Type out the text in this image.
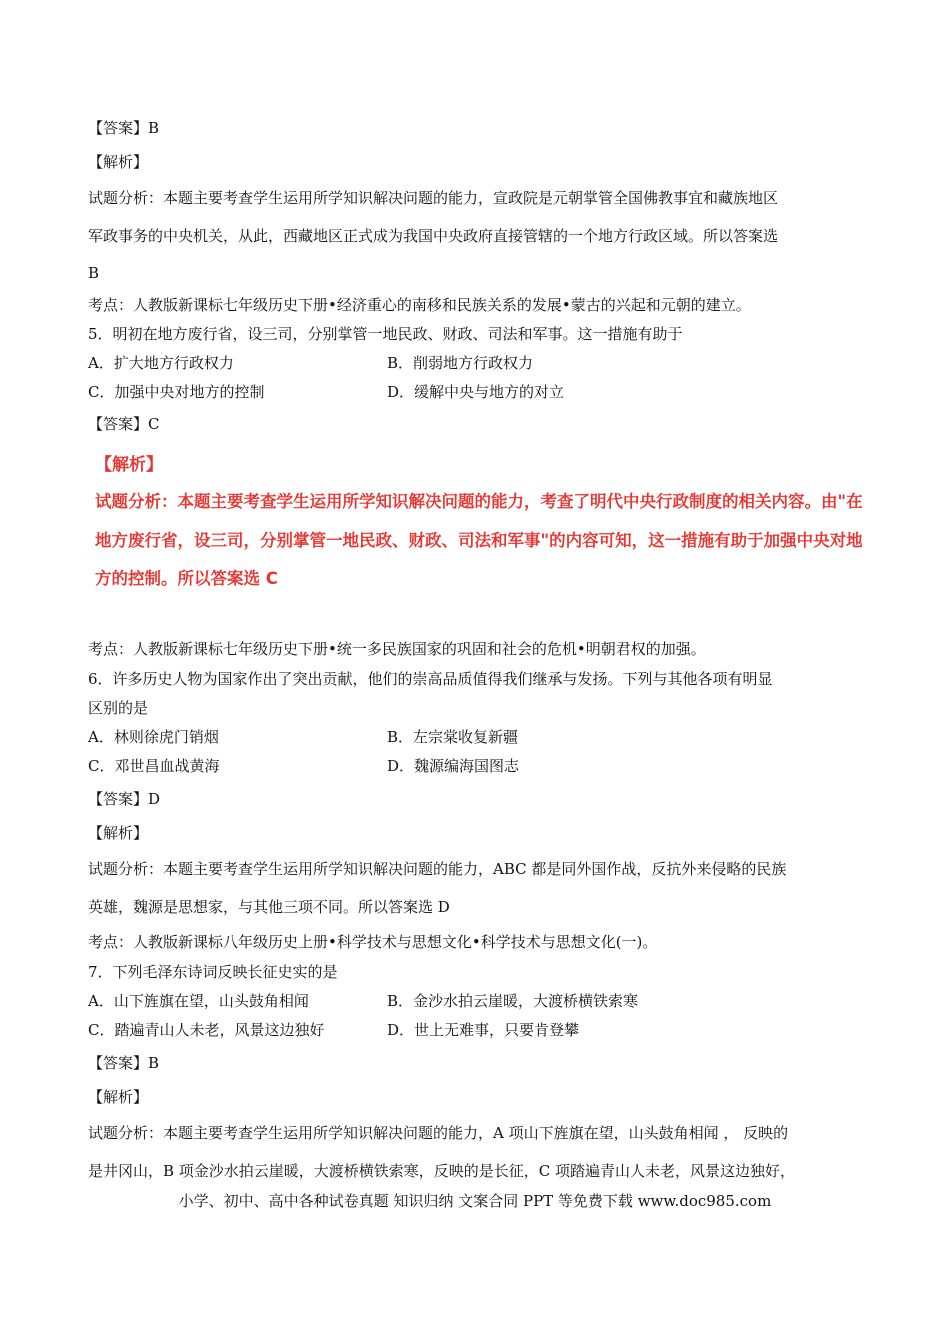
【答案】B
【解析】
试题分析：本题主要考查学生运用所学知识解决问题的能力，宣政院是元朝掌管全国佛教事宜和藏族地区
军政事务的中央机关，从此，西藏地区正式成为我国中央政府直接管辖的一个地方行政区域。所以答案选
B
考点：人教版新课标七年级历史下册•经济重心的南移和民族关系的发展•蒙古的兴起和元朝的建立。
5．明初在地方废行省，设三司，分别掌管一地民政、财政、司法和军事。这一措施有助于
A．扩大地方行政权力	B．削弱地方行政权力
C．加强中央对地方的控制	D．缓解中央与地方的对立
【答案】C
【解析】
试题分析：本题主要考查学生运用所学知识解决问题的能力，考查了明代中央行政制度的相关内容。由"在
地方废行省，设三司，分别掌管一地民政、财政、司法和军事"的内容可知，这一措施有助于加强中央对地
方的控制。所以答案选 C
考点：人教版新课标七年级历史下册•统一多民族国家的巩固和社会的危机•明朝君权的加强。
6．许多历史人物为国家作出了突出贡献，他们的崇高品质值得我们继承与发扬。下列与其他各项有明显
区别的是
A．林则徐虎门销烟	B．左宗棠收复新疆
C．邓世昌血战黄海	D．魏源编海国图志
【答案】D
【解析】
试题分析：本题主要考查学生运用所学知识解决问题的能力，ABC 都是同外国作战，反抗外来侵略的民族
英雄，魏源是思想家，与其他三项不同。所以答案选 D
考点：人教版新课标八年级历史上册•科学技术与思想文化•科学技术与思想文化(一)。
7．下列毛泽东诗词反映长征史实的是
A．山下旌旗在望，山头鼓角相闻	B．金沙水拍云崖暖，大渡桥横铁索寒
C．踏遍青山人未老，风景这边独好	D．世上无难事，只要肯登攀
【答案】B
【解析】
试题分析：本题主要考查学生运用所学知识解决问题的能力，A 项山下旌旗在望，山头鼓角相闻 ， 反映的
是井冈山，B 项金沙水拍云崖暖，大渡桥横铁索寒，反映的是长征，C 项踏遍青山人未老，风景这边独好，
小学、初中、高中各种试卷真题 知识归纳 文案合同 PPT 等免费下载 www.doc985.com
